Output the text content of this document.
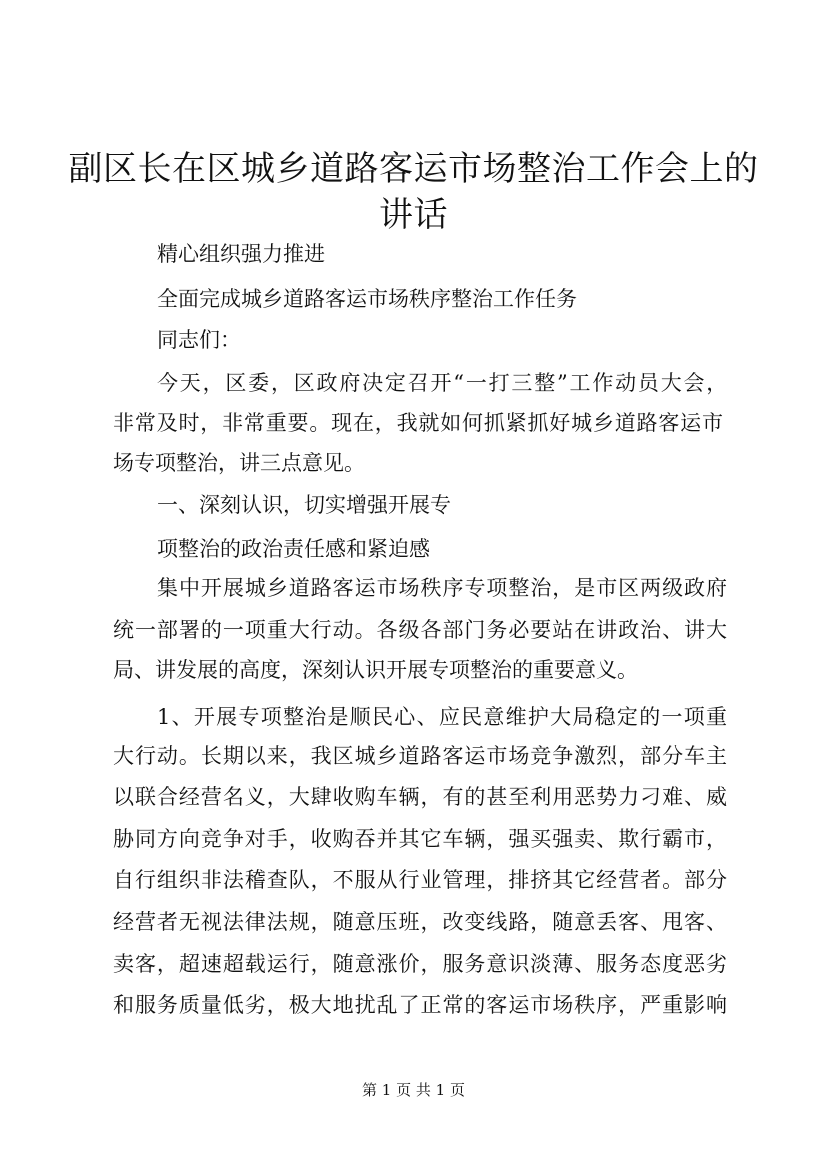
副区长在区城乡道路客运市场整治工作会上的
讲话

精心组织强力推进

全面完成城乡道路客运市场秩序整治工作任务

同志们：

今天，区委，区政府决定召开“一打三整”工作动员大会，

非常及时，非常重要。现在，我就如何抓紧抓好城乡道路客运市

场专项整治，讲三点意见。

一、深刻认识，切实增强开展专

项整治的政治责任感和紧迫感

集中开展城乡道路客运市场秩序专项整治，是市区两级政府

统一部署的一项重大行动。各级各部门务必要站在讲政治、讲大

局、讲发展的高度，深刻认识开展专项整治的重要意义。

1、开展专项整治是顺民心、应民意维护大局稳定的一项重

大行动。长期以来，我区城乡道路客运市场竞争激烈，部分车主

以联合经营名义，大肆收购车辆，有的甚至利用恶势力刁难、威

胁同方向竞争对手，收购吞并其它车辆，强买强卖、欺行霸市，

自行组织非法稽查队，不服从行业管理，排挤其它经营者。部分

经营者无视法律法规，随意压班，改变线路，随意丢客、甩客、

卖客，超速超载运行，随意涨价，服务意识淡薄、服务态度恶劣

和服务质量低劣，极大地扰乱了正常的客运市场秩序，严重影响

第 1 页 共 1 页
